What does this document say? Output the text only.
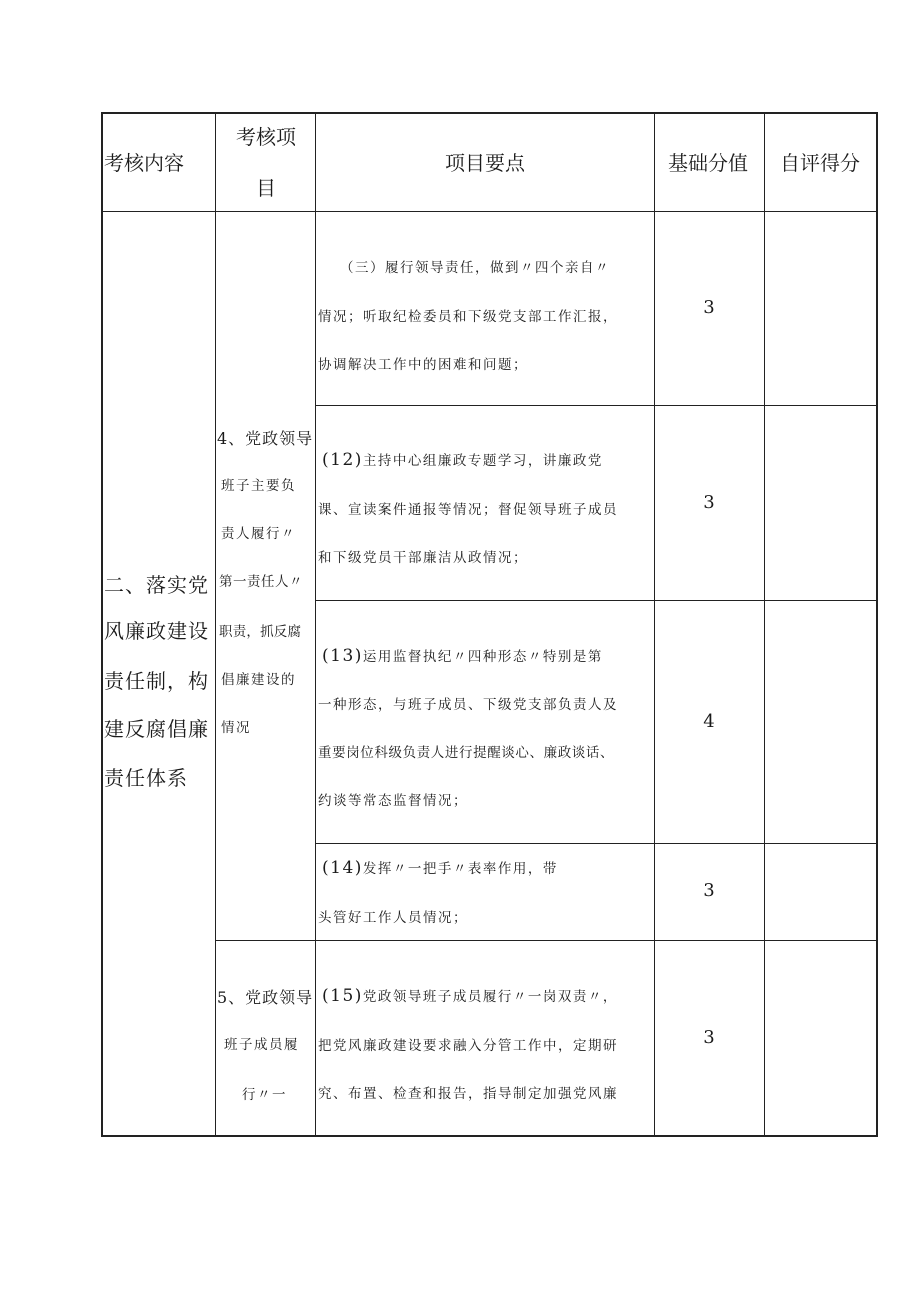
考核内容
考核项
目
项目要点	基础分值 自评得分
二、落实党
风廉政建设
责任制，构
建反腐倡廉
责任体系
4、党政领导
班子主要负
责人履行〃
第一责任人〃
职责，抓反腐
倡廉建设的
情况
5、党政领导
班子成员履
行〃一
（三）履行领导责任，做到〃四个亲自〃
情况；听取纪检委员和下级党支部工作汇报，
协调解决工作中的困难和问题；
3
(12)主持中心组廉政专题学习，讲廉政党
课、宣读案件通报等情况；督促领导班子成员
和下级党员干部廉洁从政情况；
3
(13)运用监督执纪〃四种形态〃特别是第
一种形态，与班子成员、下级党支部负责人及
重要岗位科级负责人进行提醒谈心、廉政谈话、
约谈等常态监督情况；
4
(14)发挥〃一把手〃表率作用，带
头管好工作人员情况；
3
(15)党政领导班子成员履行〃一岗双责〃，
把党风廉政建设要求融入分管工作中，定期研
究、布置、检查和报告，指导制定加强党风廉
3
